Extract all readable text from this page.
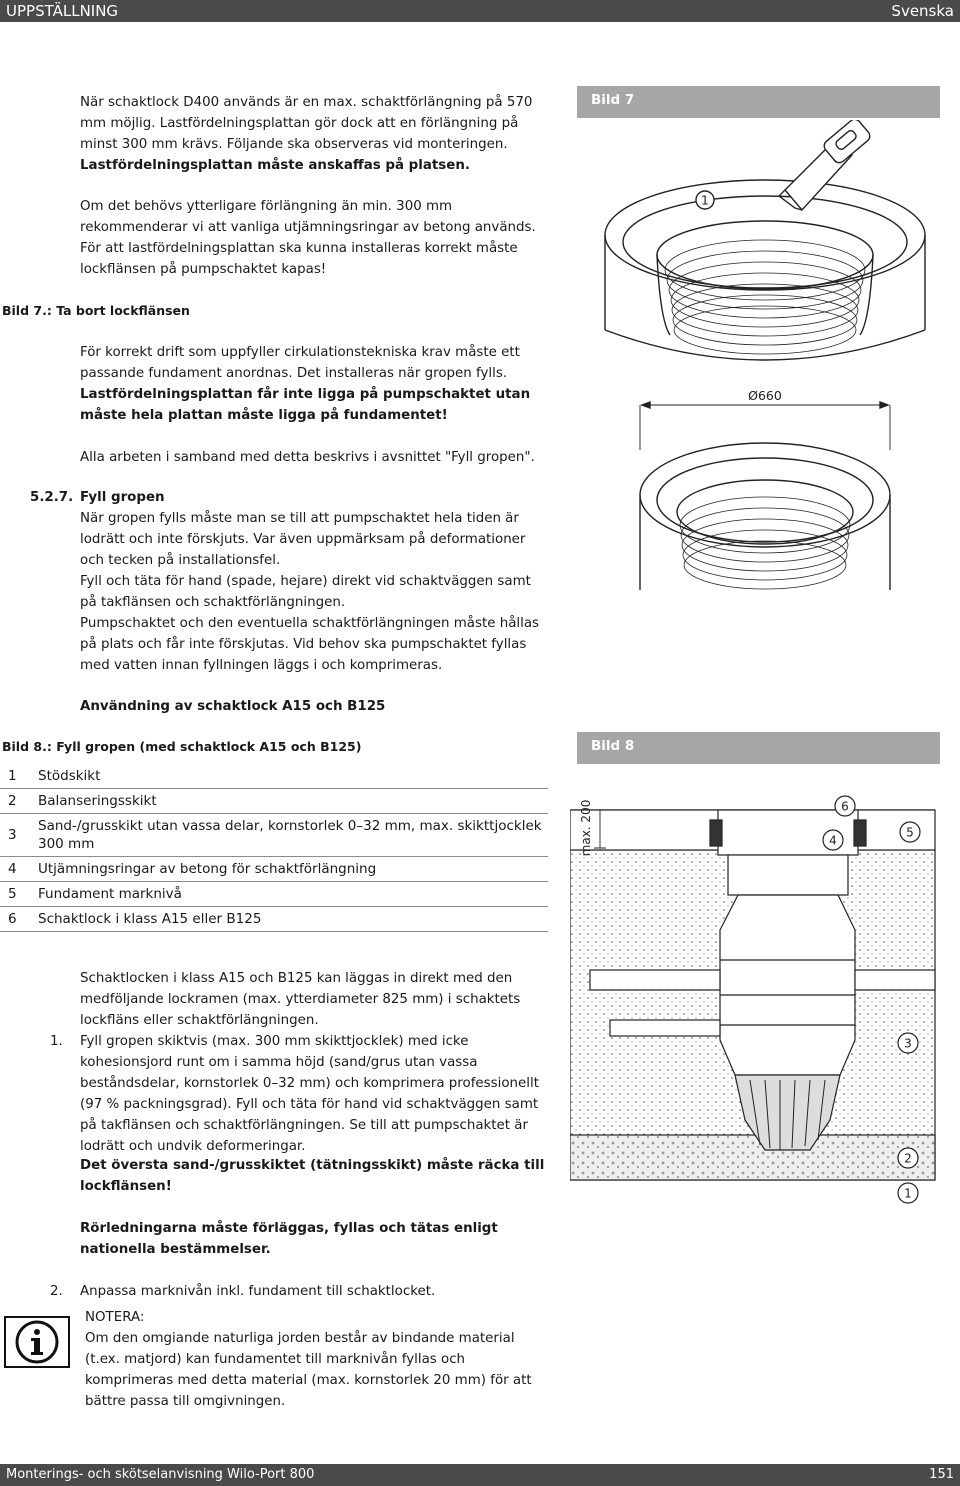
UPPSTÄLLNING	Svenska
När schaktlock D400 används är en max. schaktförlängning på 570 mm möjlig. Lastfördelningsplattan gör dock att en förlängning på minst 300 mm krävs. Följande ska observeras vid monteringen. Lastfördelningsplattan måste anskaffas på platsen.
Om det behövs ytterligare förlängning än min. 300 mm rekommenderar vi att vanliga utjämningsringar av betong används. För att lastfördelningsplattan ska kunna installeras korrekt måste lockflänsen på pumpschaktet kapas!
Bild 7
1
Ø660
Bild 7.: Ta bort lockflänsen
För korrekt drift som uppfyller cirkulationstekniska krav måste ett passande fundament anordnas. Det installeras när gropen fylls. Lastfördelningsplattan får inte ligga på pumpschaktet utan måste hela plattan måste ligga på fundamentet!
Alla arbeten i samband med detta beskrivs i avsnittet "Fyll gropen".
5.2.7. Fyll gropen
När gropen fylls måste man se till att pumpschaktet hela tiden är lodrätt och inte förskjuts. Var även uppmärksam på deformationer och tecken på installationsfel.
Fyll och täta för hand (spade, hejare) direkt vid schaktväggen samt på takflänsen och schaktförlängningen.
Pumpschaktet och den eventuella schaktförlängningen måste hållas på plats och får inte förskjutas. Vid behov ska pumpschaktet fyllas med vatten innan fyllningen läggs i och komprimeras.
Användning av schaktlock A15 och B125
Bild 8.: Fyll gropen (med schaktlock A15 och B125)
1	Stödskikt
2	Balanseringsskikt
3	Sand-/grusskikt utan vassa delar, kornstorlek 0–32 mm, max. skikttjocklek 300 mm
4	Utjämningsringar av betong för schaktförlängning
5	Fundament marknivå
6	Schaktlock i klass A15 eller B125
Bild 8
max. 200	6
4
5
3
2
1
Schaktlocken i klass A15 och B125 kan läggas in direkt med den medföljande lockramen (max. ytterdiameter 825 mm) i schaktets lockfläns eller schaktförlängningen.
1. Fyll gropen skiktvis (max. 300 mm skikttjocklek) med icke kohesionsjord runt om i samma höjd (sand/grus utan vassa beståndsdelar, kornstorlek 0–32 mm) och komprimera professionellt (97 % packningsgrad). Fyll och täta för hand vid schaktväggen samt på takflänsen och schaktförlängningen. Se till att pumpschaktet är lodrätt och undvik deformeringar.
Det översta sand-/grusskiktet (tätningsskikt) måste räcka till lockflänsen!
Rörledningarna måste förläggas, fyllas och tätas enligt nationella bestämmelser.
2. Anpassa marknivån inkl. fundament till schaktlocket.
NOTERA:
Om den omgiande naturliga jorden består av bindande material (t.ex. matjord) kan fundamentet till marknivån fyllas och komprimeras med detta material (max. kornstorlek 20 mm) för att bättre passa till omgivningen.
Monterings- och skötselanvisning Wilo-Port 800	151
